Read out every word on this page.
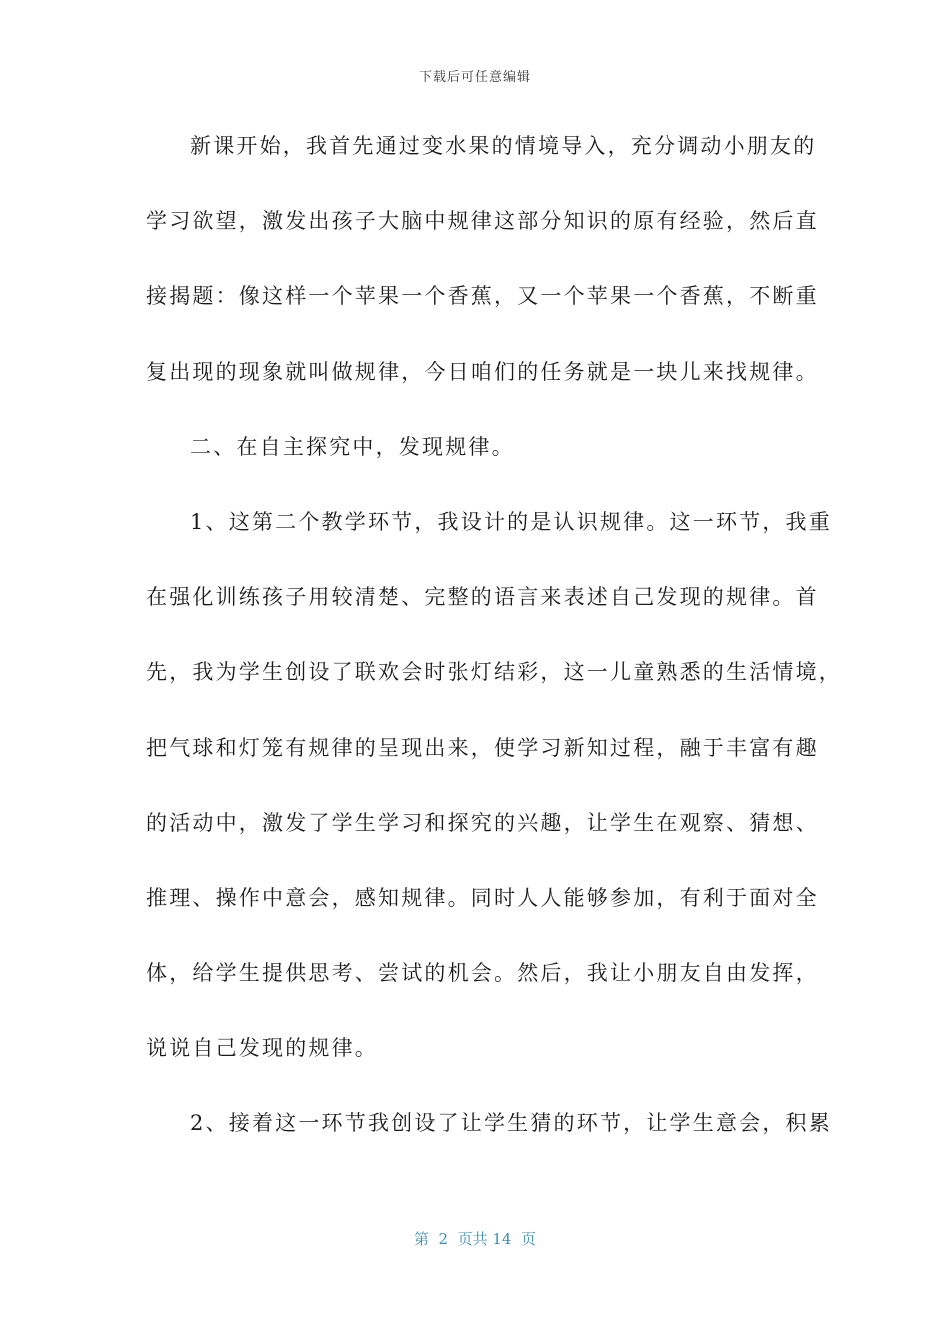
下载后可任意编辑
新课开始，我首先通过变水果的情境导入，充分调动小朋友的
学习欲望，激发出孩子大脑中规律这部分知识的原有经验，然后直
接揭题：像这样一个苹果一个香蕉，又一个苹果一个香蕉，不断重
复出现的现象就叫做规律，今日咱们的任务就是一块儿来找规律。
二、在自主探究中，发现规律。
1、这第二个教学环节，我设计的是认识规律。这一环节，我重
在强化训练孩子用较清楚、完整的语言来表述自己发现的规律。首
先，我为学生创设了联欢会时张灯结彩，这一儿童熟悉的生活情境，
把气球和灯笼有规律的呈现出来，使学习新知过程，融于丰富有趣
的活动中，激发了学生学习和探究的兴趣，让学生在观察、猜想、
推理、操作中意会，感知规律。同时人人能够参加，有利于面对全
体，给学生提供思考、尝试的机会。然后，我让小朋友自由发挥，
说说自己发现的规律。
2、接着这一环节我创设了让学生猜的环节，让学生意会，积累
第  2  页共 14  页
